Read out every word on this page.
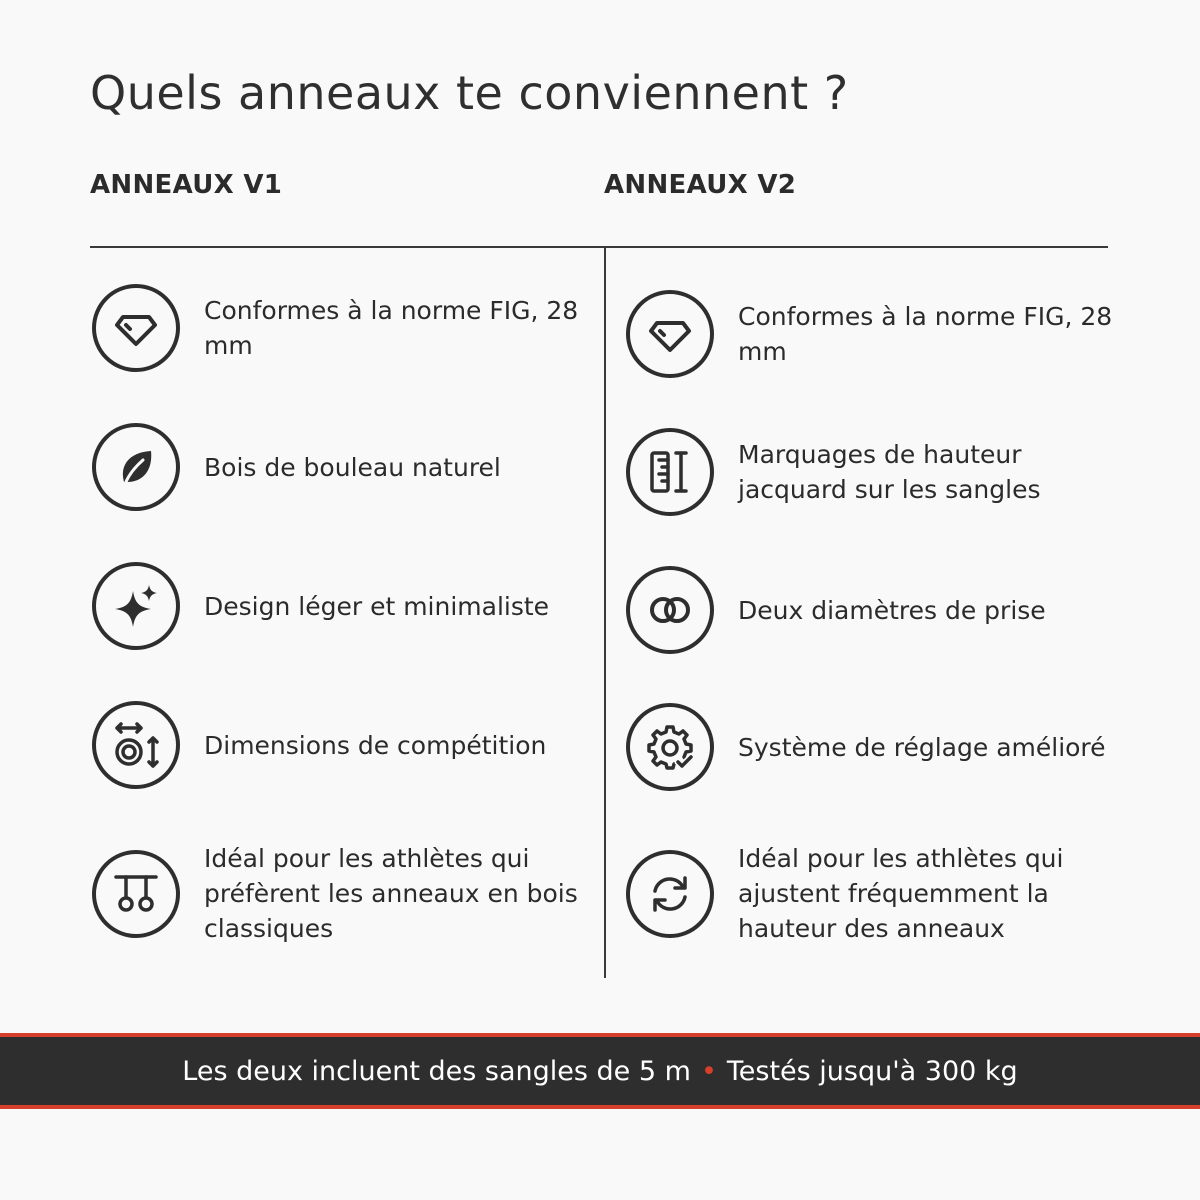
Quels anneaux te conviennent ?
ANNEAUX V1	ANNEAUX V2
Conformes à la norme FIG, 28 mm
Bois de bouleau naturel
Design léger et minimaliste
Dimensions de compétition
Idéal pour les athlètes qui préfèrent les anneaux en bois classiques
Conformes à la norme FIG, 28 mm
Marquages de hauteur jacquard sur les sangles
Deux diamètres de prise
Système de réglage amélioré
Idéal pour les athlètes qui ajustent fréquemment la hauteur des anneaux
Les deux incluent des sangles de 5 m • Testés jusqu'à 300 kg
